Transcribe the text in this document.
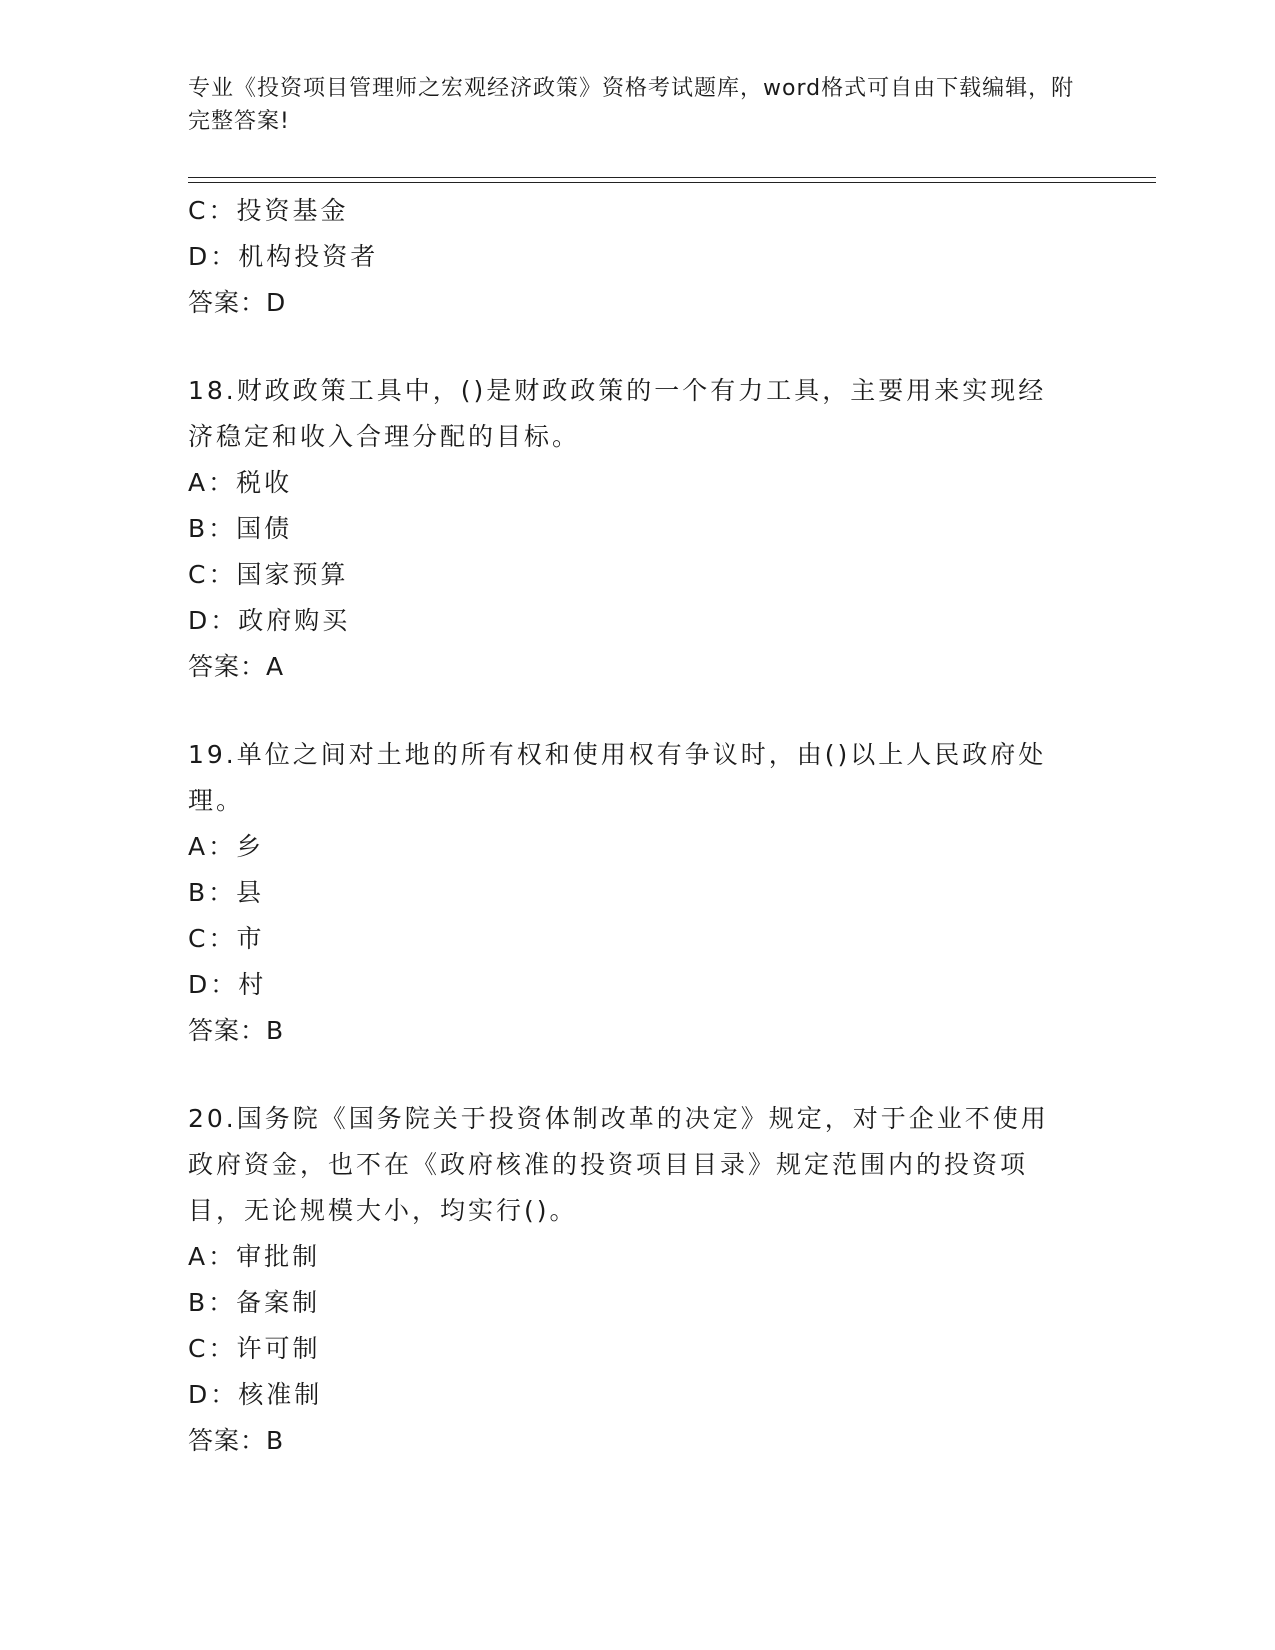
专业《投资项目管理师之宏观经济政策》资格考试题库，word格式可自由下载编辑，附完整答案!
C：投资基金
D：机构投资者
答案：D
18.财政政策工具中，()是财政政策的一个有力工具，主要用来实现经济稳定和收入合理分配的目标。
A：税收
B：国债
C：国家预算
D：政府购买
答案：A
19.单位之间对土地的所有权和使用权有争议时，由()以上人民政府处理。
A：乡
B：县
C：市
D：村
答案：B
20.国务院《国务院关于投资体制改革的决定》规定，对于企业不使用政府资金，也不在《政府核准的投资项目目录》规定范围内的投资项目，无论规模大小，均实行()。
A：审批制
B：备案制
C：许可制
D：核准制
答案：B
